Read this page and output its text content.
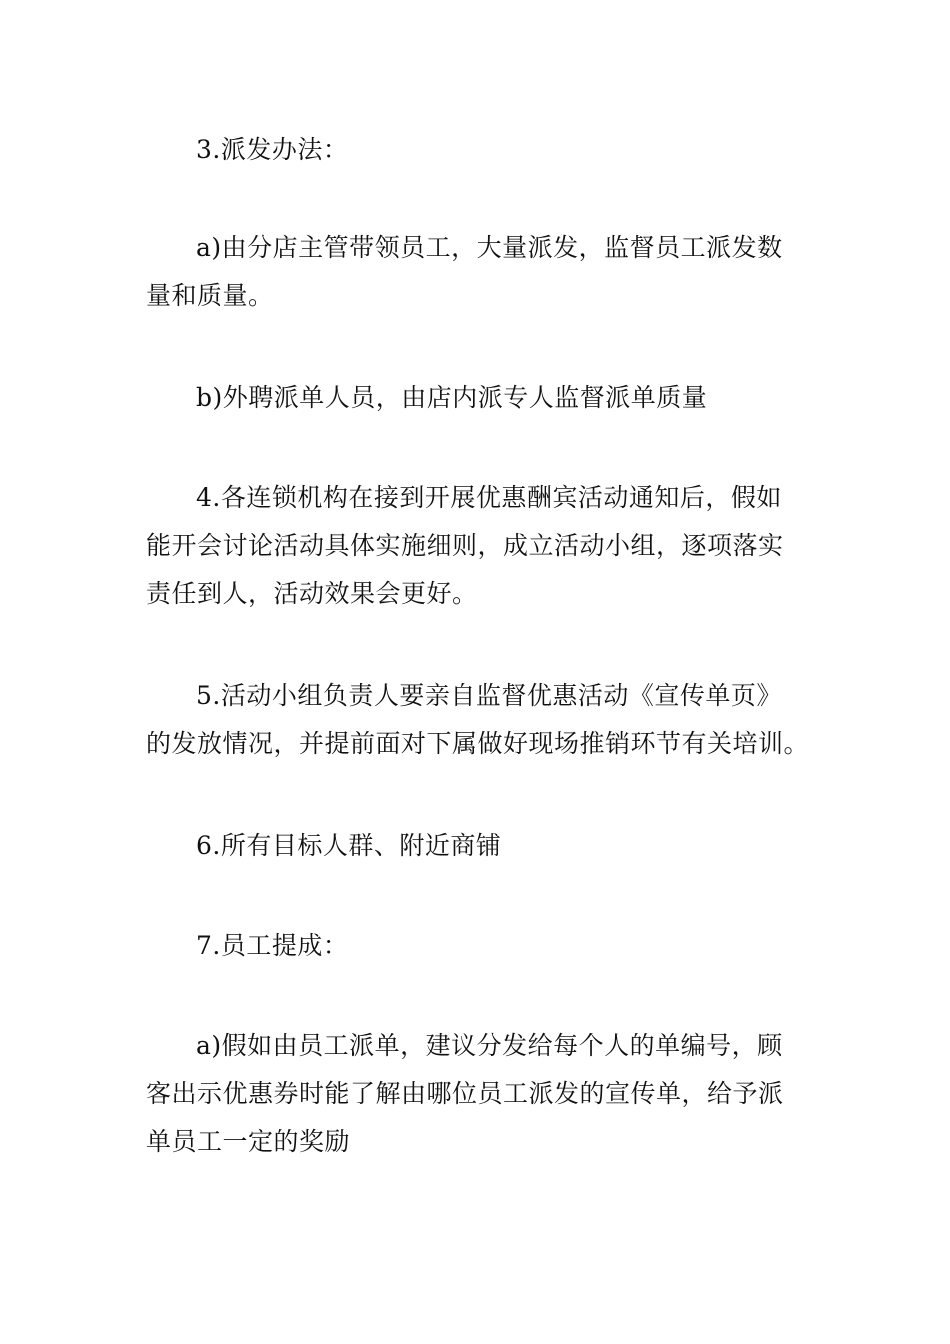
3.派发办法：

a)由分店主管带领员工，大量派发，监督员工派发数
量和质量。

b)外聘派单人员，由店内派专人监督派单质量

4.各连锁机构在接到开展优惠酬宾活动通知后，假如
能开会讨论活动具体实施细则，成立活动小组，逐项落实
责任到人，活动效果会更好。

5.活动小组负责人要亲自监督优惠活动《宣传单页》
的发放情况，并提前面对下属做好现场推销环节有关培训。

6.所有目标人群、附近商铺

7.员工提成：

a)假如由员工派单，建议分发给每个人的单编号，顾
客出示优惠券时能了解由哪位员工派发的宣传单，给予派
单员工一定的奖励
